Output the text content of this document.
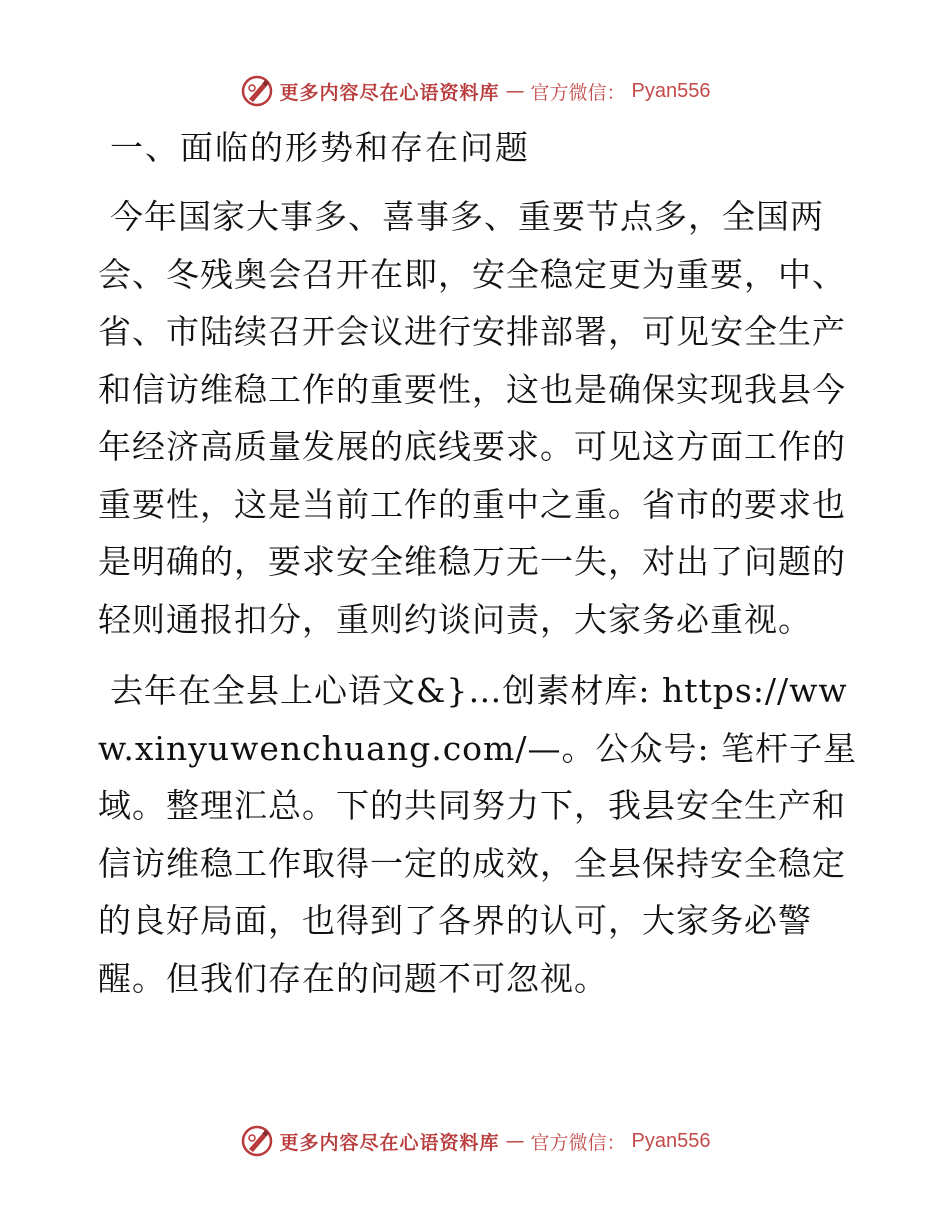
更多内容尽在心语资料库 — 官方微信： Pyan556
一、面临的形势和存在问题

今年国家大事多、喜事多、重要节点多，全国两会、冬残奥会召开在即，安全稳定更为重要，中、省、市陆续召开会议进行安排部署，可见安全生产和信访维稳工作的重要性，这也是确保实现我县今年经济高质量发展的底线要求。可见这方面工作的重要性，这是当前工作的重中之重。省市的要求也是明确的，要求安全维稳万无一失，对出了问题的轻则通报扣分，重则约谈问责，大家务必重视。

去年在全县上心语文&}…创素材库: https://www.xinyuwenchuang.com/—。公众号: 笔杆子星域。整理汇总。下的共同努力下，我县安全生产和信访维稳工作取得一定的成效，全县保持安全稳定的良好局面，也得到了各界的认可，大家务必警醒。但我们存在的问题不可忽视。

更多内容尽在心语资料库 — 官方微信： Pyan556
